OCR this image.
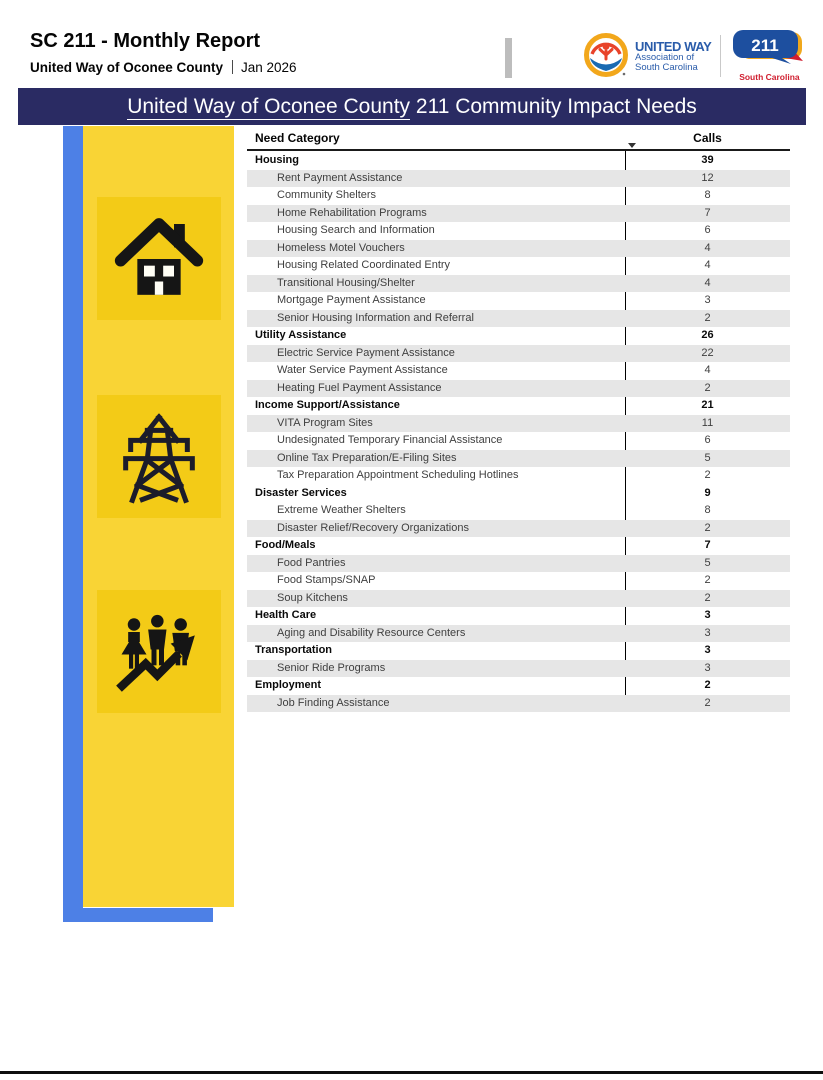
SC 211 - Monthly Report
United Way of Oconee County Jan 2026
UNITED WAY
Association of
South Carolina
211
South Carolina
United Way of Oconee County 211 Community Impact Needs
Need Category	Calls
Housing	39
Rent Payment Assistance	12
Community Shelters	8
Home Rehabilitation Programs	7
Housing Search and Information	6
Homeless Motel Vouchers	4
Housing Related Coordinated Entry	4
Transitional Housing/Shelter	4
Mortgage Payment Assistance	3
Senior Housing Information and Referral	2
Utility Assistance	26
Electric Service Payment Assistance	22
Water Service Payment Assistance	4
Heating Fuel Payment Assistance	2
Income Support/Assistance	21
VITA Program Sites	11
Undesignated Temporary Financial Assistance	6
Online Tax Preparation/E-Filing Sites	5
Tax Preparation Appointment Scheduling Hotlines	2
Disaster Services	9
Extreme Weather Shelters	8
Disaster Relief/Recovery Organizations	2
Food/Meals	7
Food Pantries	5
Food Stamps/SNAP	2
Soup Kitchens	2
Health Care	3
Aging and Disability Resource Centers	3
Transportation	3
Senior Ride Programs	3
Employment	2
Job Finding Assistance	2
